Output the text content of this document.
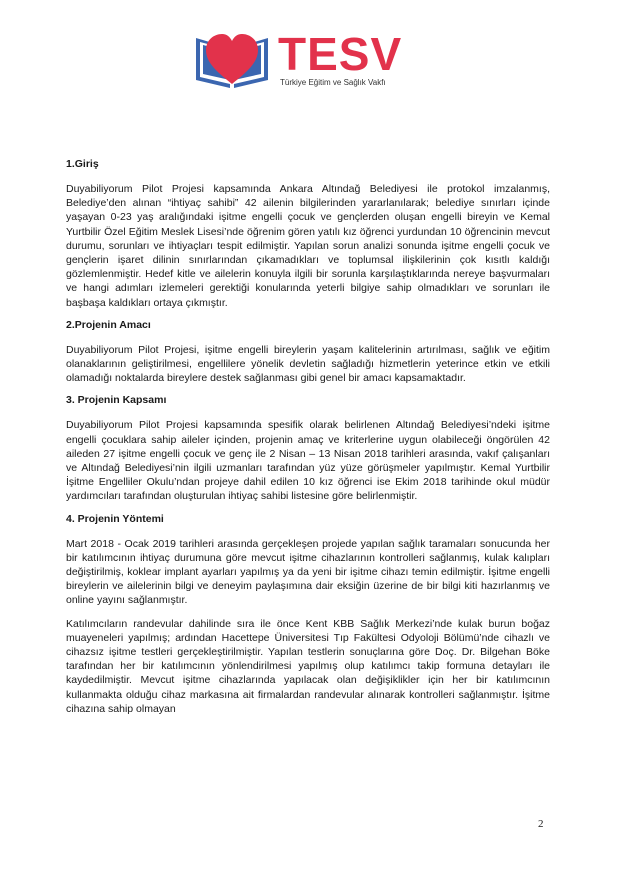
TESV
Türkiye Eğitim ve Sağlık Vakfı
1.Giriş

Duyabiliyorum Pilot Projesi kapsamında Ankara Altındağ Belediyesi ile protokol imzalanmış, Belediye’den alınan “ihtiyaç sahibi” 42 ailenin bilgilerinden yararlanılarak; belediye sınırları içinde yaşayan 0-23 yaş aralığındaki işitme engelli çocuk ve gençlerden oluşan engelli bireyin ve Kemal Yurtbilir Özel Eğitim Meslek Lisesi’nde öğrenim gören yatılı kız öğrenci yurdundan 10 öğrencinin mevcut durumu, sorunları ve ihtiyaçları tespit edilmiştir. Yapılan sorun analizi sonunda işitme engelli çocuk ve gençlerin işaret dilinin sınırlarından çıkamadıkları ve toplumsal ilişkilerinin çok kısıtlı kaldığı gözlemlenmiştir. Hedef kitle ve ailelerin konuyla ilgili bir sorunla karşılaştıklarında nereye başvurmaları ve hangi adımları izlemeleri gerektiği konularında yeterli bilgiye sahip olmadıkları ve sorunları ile başbaşa kaldıkları ortaya çıkmıştır.

2.Projenin Amacı

Duyabiliyorum Pilot Projesi, işitme engelli bireylerin yaşam kalitelerinin artırılması, sağlık ve eğitim olanaklarının geliştirilmesi, engellilere yönelik devletin sağladığı hizmetlerin yeterince etkin ve etkili olamadığı noktalarda bireylere destek sağlanması gibi genel bir amacı kapsamaktadır.

3. Projenin Kapsamı

Duyabiliyorum Pilot Projesi kapsamında spesifik olarak belirlenen Altındağ Belediyesi’ndeki işitme engelli çocuklara sahip aileler içinden, projenin amaç ve kriterlerine uygun olabileceği öngörülen 42 aileden 27 işitme engelli çocuk ve genç ile 2 Nisan – 13 Nisan 2018 tarihleri arasında, vakıf çalışanları ve Altındağ Belediyesi’nin ilgili uzmanları tarafından yüz yüze görüşmeler yapılmıştır. Kemal Yurtbilir İşitme Engelliler Okulu’ndan projeye dahil edilen 10 kız öğrenci ise Ekim 2018 tarihinde okul müdür yardımcıları tarafından oluşturulan ihtiyaç sahibi listesine göre belirlenmiştir.

4. Projenin Yöntemi

Mart 2018 - Ocak 2019 tarihleri arasında gerçekleşen projede yapılan sağlık taramaları sonucunda her bir katılımcının ihtiyaç durumuna göre mevcut işitme cihazlarının kontrolleri sağlanmış, kulak kalıpları değiştirilmiş, koklear implant ayarları yapılmış ya da yeni bir işitme cihazı temin edilmiştir. İşitme engelli bireylerin ve ailelerinin bilgi ve deneyim paylaşımına dair eksiğin üzerine de bir bilgi kiti hazırlanmış ve online yayını sağlanmıştır.

Katılımcıların randevular dahilinde sıra ile önce Kent KBB Sağlık Merkezi’nde kulak burun boğaz muayeneleri yapılmış; ardından Hacettepe Üniversitesi Tıp Fakültesi Odyoloji Bölümü’nde cihazlı ve cihazsız işitme testleri gerçekleştirilmiştir. Yapılan testlerin sonuçlarına göre Doç. Dr. Bilgehan Böke tarafından her bir katılımcının yönlendirilmesi yapılmış olup katılımcı takip formuna detayları ile kaydedilmiştir. Mevcut işitme cihazlarında yapılacak olan değişiklikler için her bir katılımcının kullanmakta olduğu cihaz markasına ait firmalardan randevular alınarak kontrolleri sağlanmıştır. İşitme cihazına sahip olmayan

2
